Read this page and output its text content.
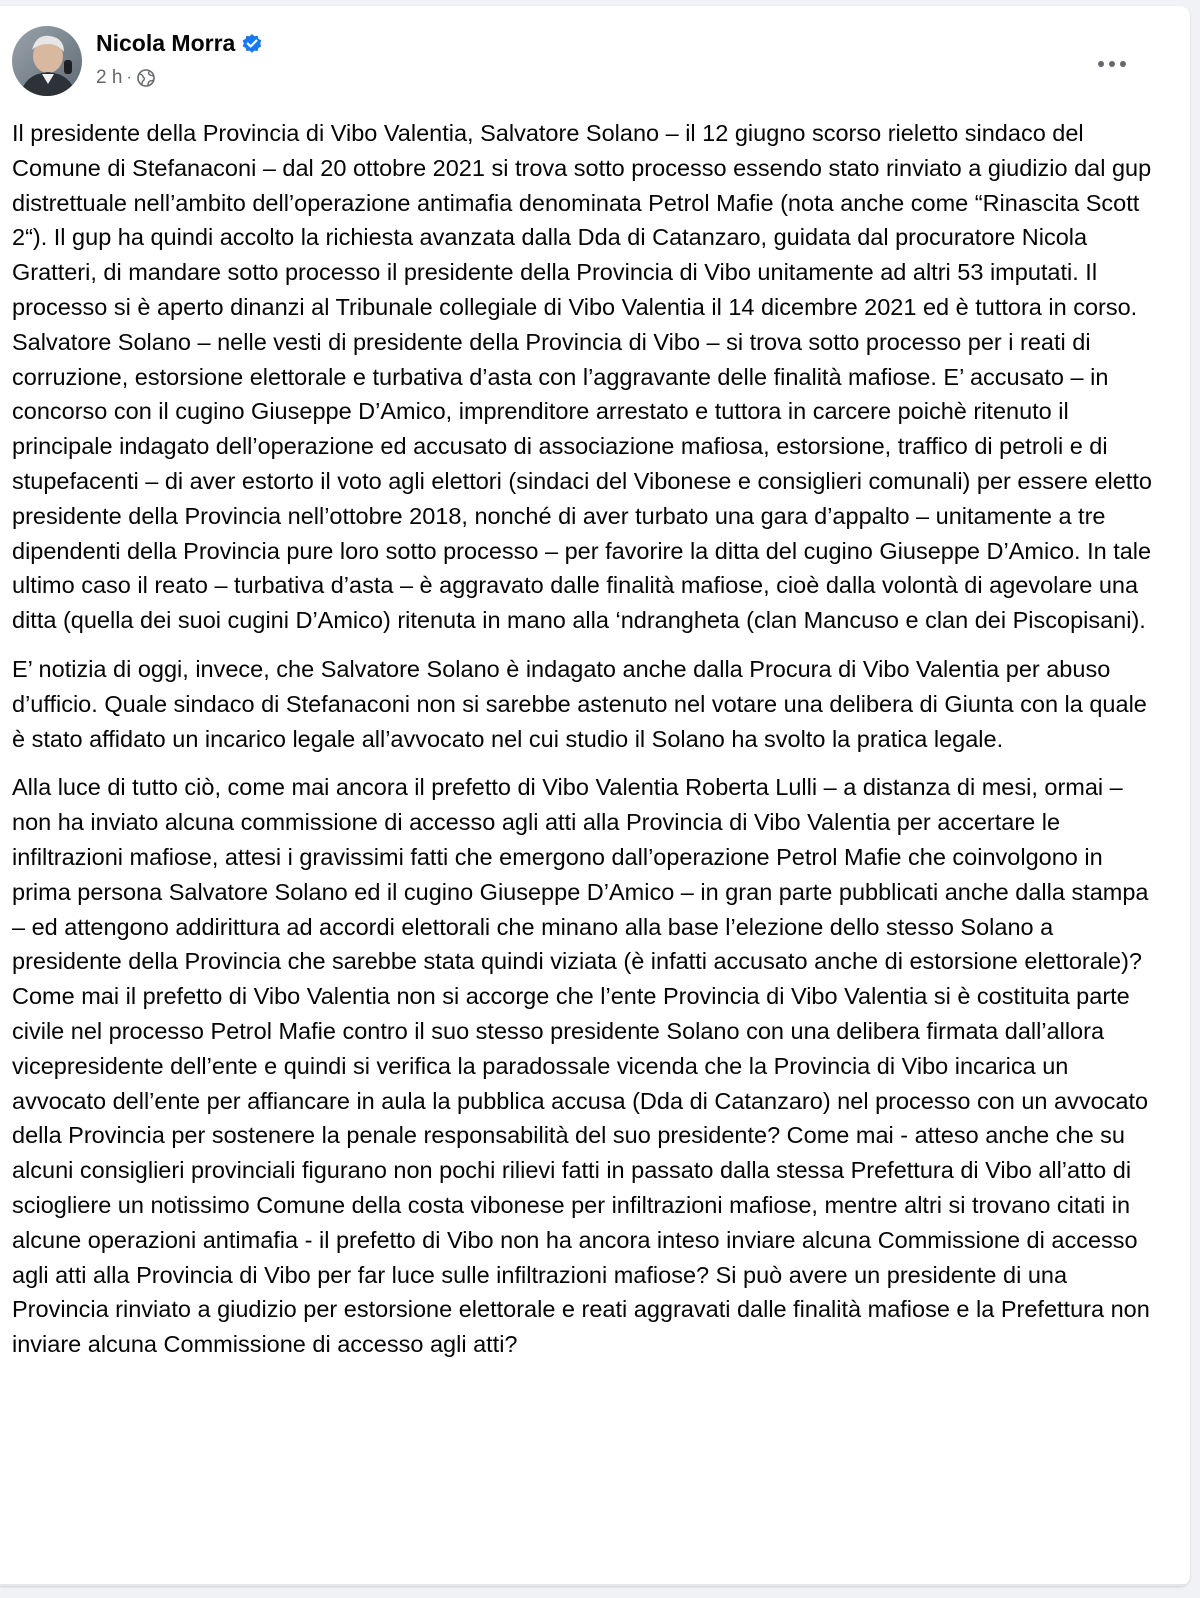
Nicola Morra
2 h ·

Il presidente della Provincia di Vibo Valentia, Salvatore Solano – il 12 giugno scorso rieletto sindaco del Comune di Stefanaconi – dal 20 ottobre 2021 si trova sotto processo essendo stato rinviato a giudizio dal gup distrettuale nell’ambito dell’operazione antimafia denominata Petrol Mafie (nota anche come “Rinascita Scott 2“). Il gup ha quindi accolto la richiesta avanzata dalla Dda di Catanzaro, guidata dal procuratore Nicola Gratteri, di mandare sotto processo il presidente della Provincia di Vibo unitamente ad altri 53 imputati. Il processo si è aperto dinanzi al Tribunale collegiale di Vibo Valentia il 14 dicembre 2021 ed è tuttora in corso. Salvatore Solano – nelle vesti di presidente della Provincia di Vibo – si trova sotto processo per i reati di corruzione, estorsione elettorale e turbativa d’asta con l’aggravante delle finalità mafiose. E’ accusato – in concorso con il cugino Giuseppe D’Amico, imprenditore arrestato e tuttora in carcere poichè ritenuto il principale indagato dell’operazione ed accusato di associazione mafiosa, estorsione, traffico di petroli e di stupefacenti – di aver estorto il voto agli elettori (sindaci del Vibonese e consiglieri comunali) per essere eletto presidente della Provincia nell’ottobre 2018, nonché di aver turbato una gara d’appalto – unitamente a tre dipendenti della Provincia pure loro sotto processo – per favorire la ditta del cugino Giuseppe D’Amico. In tale ultimo caso il reato – turbativa d’asta – è aggravato dalle finalità mafiose, cioè dalla volontà di agevolare una ditta (quella dei suoi cugini D’Amico) ritenuta in mano alla ‘ndrangheta (clan Mancuso e clan dei Piscopisani).

E’ notizia di oggi, invece, che Salvatore Solano è indagato anche dalla Procura di Vibo Valentia per abuso d’ufficio. Quale sindaco di Stefanaconi non si sarebbe astenuto nel votare una delibera di Giunta con la quale è stato affidato un incarico legale all’avvocato nel cui studio il Solano ha svolto la pratica legale.

Alla luce di tutto ciò, come mai ancora il prefetto di Vibo Valentia Roberta Lulli – a distanza di mesi, ormai – non ha inviato alcuna commissione di accesso agli atti alla Provincia di Vibo Valentia per accertare le infiltrazioni mafiose, attesi i gravissimi fatti che emergono dall’operazione Petrol Mafie che coinvolgono in prima persona Salvatore Solano ed il cugino Giuseppe D’Amico – in gran parte pubblicati anche dalla stampa – ed attengono addirittura ad accordi elettorali che minano alla base l’elezione dello stesso Solano a presidente della Provincia che sarebbe stata quindi viziata (è infatti accusato anche di estorsione elettorale)? Come mai il prefetto di Vibo Valentia non si accorge che l’ente Provincia di Vibo Valentia si è costituita parte civile nel processo Petrol Mafie contro il suo stesso presidente Solano con una delibera firmata dall’allora vicepresidente dell’ente e quindi si verifica la paradossale vicenda che la Provincia di Vibo incarica un avvocato dell’ente per affiancare in aula la pubblica accusa (Dda di Catanzaro) nel processo con un avvocato della Provincia per sostenere la penale responsabilità del suo presidente? Come mai - atteso anche che su alcuni consiglieri provinciali figurano non pochi rilievi fatti in passato dalla stessa Prefettura di Vibo all’atto di sciogliere un notissimo Comune della costa vibonese per infiltrazioni mafiose, mentre altri si trovano citati in alcune operazioni antimafia - il prefetto di Vibo non ha ancora inteso inviare alcuna Commissione di accesso agli atti alla Provincia di Vibo per far luce sulle infiltrazioni mafiose? Si può avere un presidente di una Provincia rinviato a giudizio per estorsione elettorale e reati aggravati dalle finalità mafiose e la Prefettura non inviare alcuna Commissione di accesso agli atti?
